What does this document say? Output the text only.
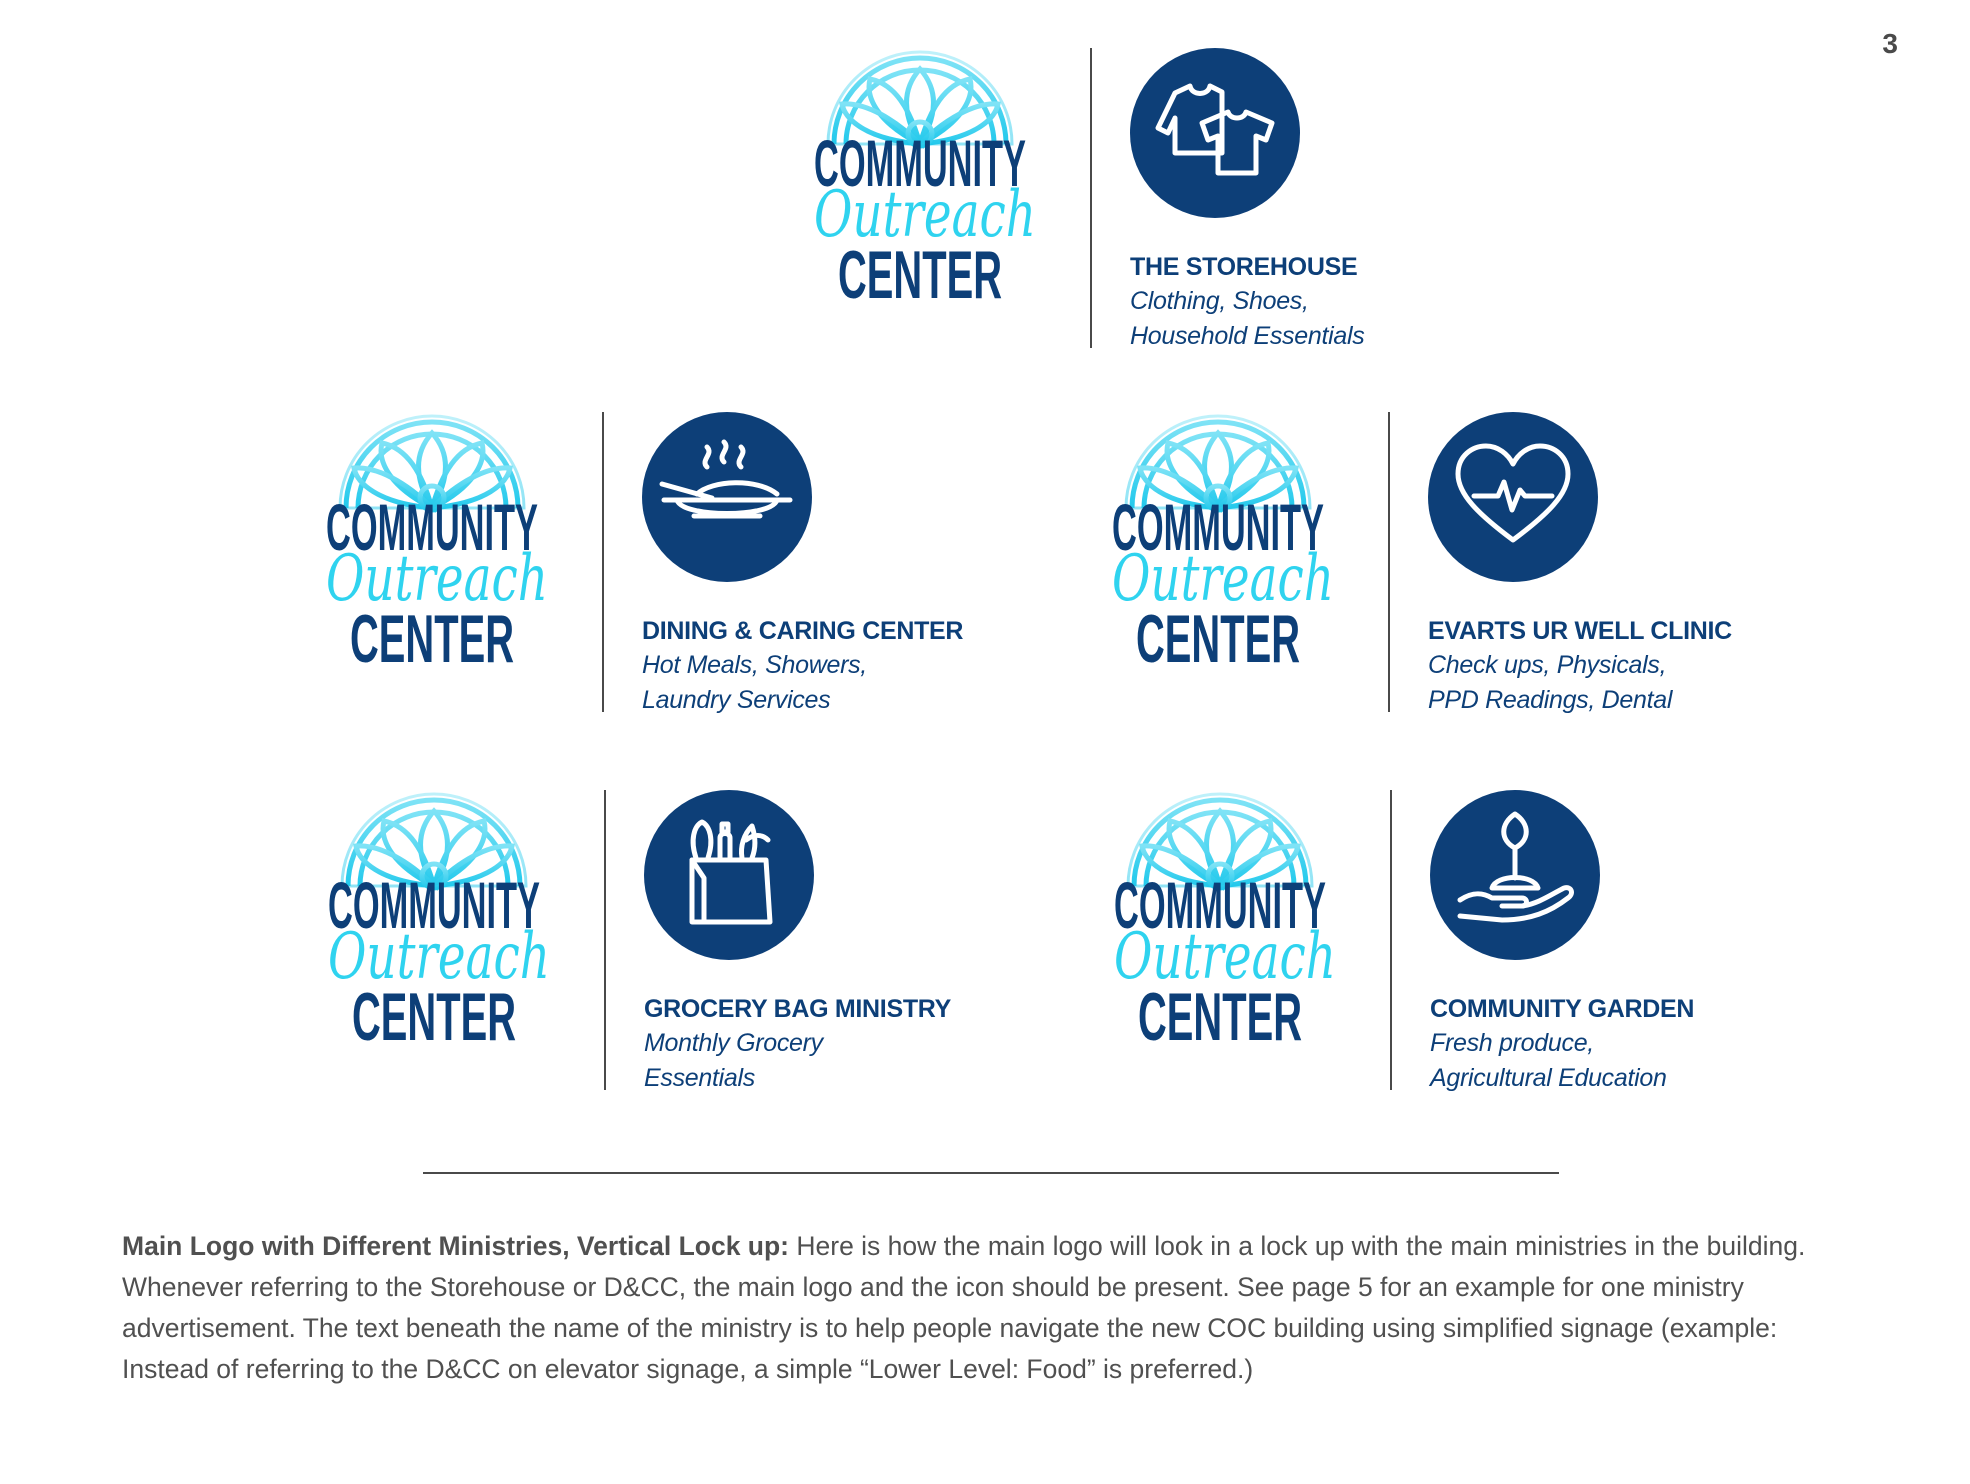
3
COMMUNITY
Outreach
CENTER	THE STOREHOUSE
Clothing, Shoes,
Household Essentials
COMMUNITY
Outreach
CENTER	DINING & CARING CENTER
Hot Meals, Showers,
Laundry Services
COMMUNITY
Outreach
CENTER	EVARTS UR WELL CLINIC
Check ups, Physicals,
PPD Readings, Dental
COMMUNITY
Outreach
CENTER	GROCERY BAG MINISTRY
Monthly Grocery
Essentials
COMMUNITY
Outreach
CENTER	COMMUNITY GARDEN
Fresh produce,
Agricultural Education
Main Logo with Different Ministries, Vertical Lock up: Here is how the main logo will look in a lock up with the main ministries in the building. Whenever referring to the Storehouse or D&CC, the main logo and the icon should be present. See page 5 for an example for one ministry advertisement. The text beneath the name of the ministry is to help people navigate the new COC building using simplified signage (example: Instead of referring to the D&CC on elevator signage, a simple “Lower Level: Food” is preferred.)
